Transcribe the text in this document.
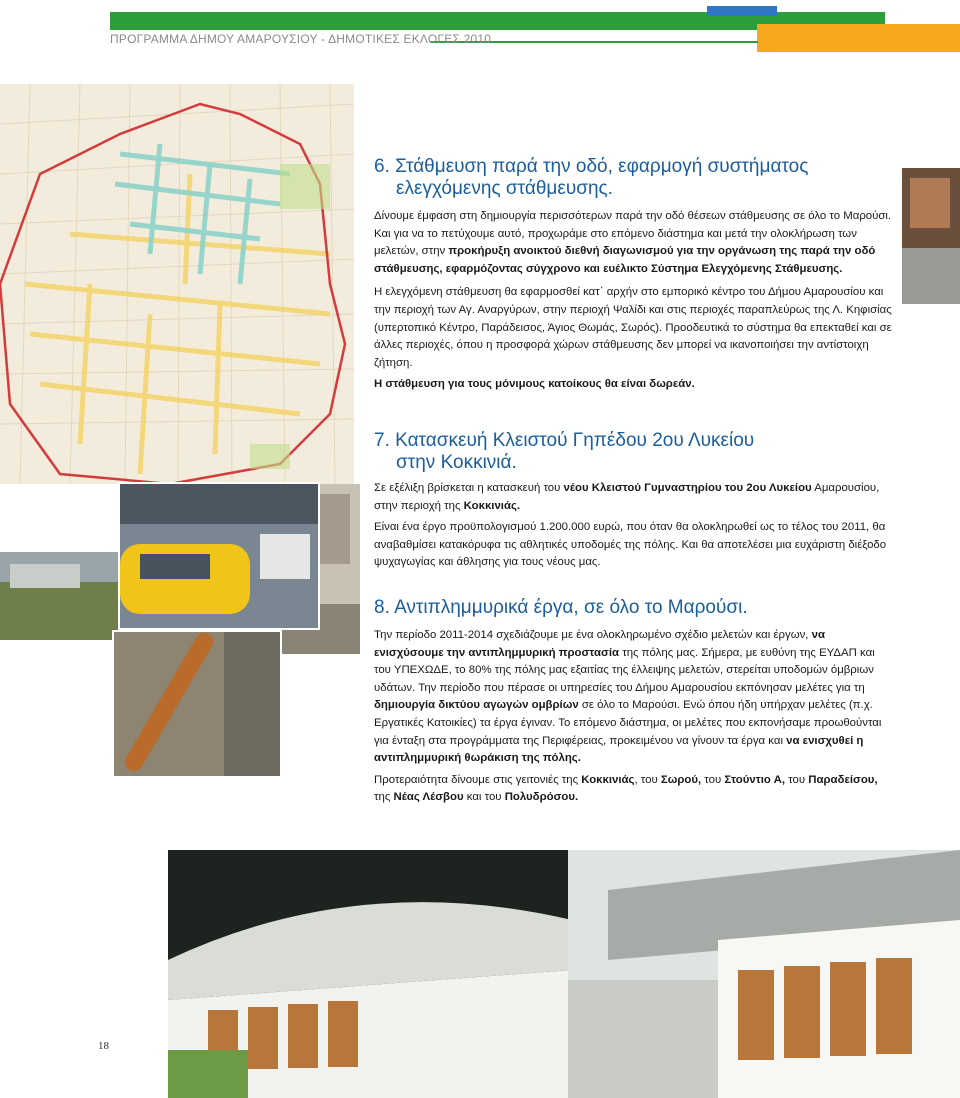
ΠΡΟΓΡΑΜΜΑ ΔΗΜΟΥ ΑΜΑΡΟΥΣΙΟΥ - ΔΗΜΟΤΙΚΕΣ ΕΚΛΟΓΕΣ 2010
6. Στάθμευση παρά την οδό, εφαρμογή συστήματος
ελεγχόμενης στάθμευσης.

Δίνουμε έμφαση στη δημιουργία περισσότερων παρά την οδό θέσεων στάθμευσης σε όλο το Μαρούσι. Και για να το πετύχουμε αυτό, προχωράμε στο επόμενο διάστημα και μετά την ολοκλήρωση των μελετών, στην προκήρυξη ανοικτού διεθνή διαγωνισμού για την οργάνωση της παρά την οδό στάθμευσης, εφαρμόζοντας σύγχρονο και ευέλικτο Σύστημα Ελεγχόμενης Στάθμευσης.

Η ελεγχόμενη στάθμευση θα εφαρμοσθεί κατ΄ αρχήν στο εμπορικό κέντρο του Δήμου Αμαρουσίου και την περιοχή των Αγ. Αναργύρων, στην περιοχή Ψαλίδι και στις περιοχές παραπλεύρως της Λ. Κηφισίας (υπερτοπικό Κέντρο, Παράδεισος, Άγιος Θωμάς, Σωρός). Προοδευτικά το σύστημα θα επεκταθεί και σε άλλες περιοχές, όπου η προσφορά χώρων στάθμευσης δεν μπορεί να ικανοποιήσει την αντίστοιχη ζήτηση.

Η στάθμευση για τους μόνιμους κατοίκους θα είναι δωρεάν.

7. Κατασκευή Κλειστού Γηπέδου 2ου Λυκείου
στην Κοκκινιά.

Σε εξέλιξη βρίσκεται η κατασκευή του νέου Κλειστού Γυμναστηρίου του 2ου Λυκείου Αμαρουσίου, στην περιοχή της Κοκκινιάς.

Είναι ένα έργο προϋπολογισμού 1.200.000 ευρώ, που όταν θα ολοκληρωθεί ως το τέλος του 2011, θα αναβαθμίσει κατακόρυφα τις αθλητικές υποδομές της πόλης. Και θα αποτελέσει μια ευχάριστη διέξοδο ψυχαγωγίας και άθλησης για τους νέους μας.

8. Αντιπλημμυρικά έργα, σε όλο το Μαρούσι.

Την περίοδο 2011-2014 σχεδιάζουμε με ένα ολοκληρωμένο σχέδιο μελετών και έργων, να ενισχύσουμε την αντιπλημμυρική προστασία της πόλης μας. Σήμερα, με ευθύνη της ΕΥΔΑΠ και του ΥΠΕΧΩΔΕ, το 80% της πόλης μας εξαιτίας της έλλειψης μελετών, στερείται υποδομών όμβριων υδάτων. Την περίοδο που πέρασε οι υπηρεσίες του Δήμου Αμαρουσίου εκπόνησαν μελέτες για τη δημιουργία δικτύου αγωγών ομβρίων σε όλο το Μαρούσι. Ενώ όπου ήδη υπήρχαν μελέτες (π.χ. Εργατικές Κατοικίες) τα έργα έγιναν. Το επόμενο διάστημα, οι μελέτες που εκπονήσαμε προωθούνται για ένταξη στα προγράμματα της Περιφέρειας, προκειμένου να γίνουν τα έργα και να ενισχυθεί η αντιπλημμυρική θωράκιση της πόλης.

Προτεραιότητα δίνουμε στις γειτονιές της Κοκκινιάς, του Σωρού, του Στούντιο Α, του Παραδείσου, της Νέας Λέσβου και του Πολυδρόσου.

18
